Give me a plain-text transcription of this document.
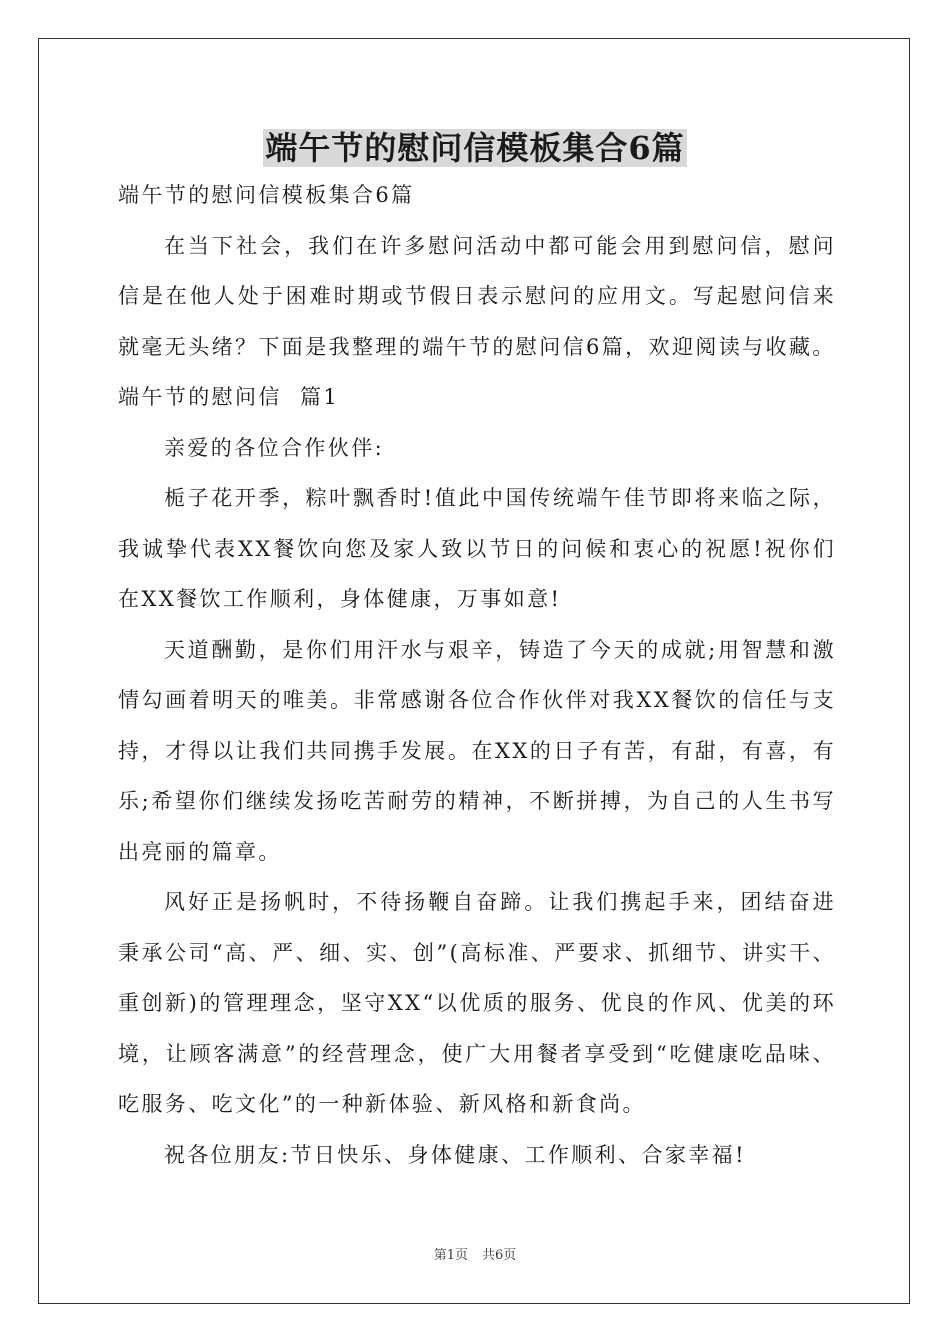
端午节的慰问信模板集合6篇

端午节的慰问信模板集合6篇

在当下社会，我们在许多慰问活动中都可能会用到慰问信，慰问信是在他人处于困难时期或节假日表示慰问的应用文。写起慰问信来就毫无头绪？下面是我整理的端午节的慰问信6篇，欢迎阅读与收藏。

端午节的慰问信  篇1

亲爱的各位合作伙伴:

栀子花开季，粽叶飘香时!值此中国传统端午佳节即将来临之际，我诚挚代表XX餐饮向您及家人致以节日的问候和衷心的祝愿!祝你们在XX餐饮工作顺利，身体健康，万事如意!

天道酬勤，是你们用汗水与艰辛，铸造了今天的成就;用智慧和激情勾画着明天的唯美。非常感谢各位合作伙伴对我XX餐饮的信任与支持，才得以让我们共同携手发展。在XX的日子有苦，有甜，有喜，有乐;希望你们继续发扬吃苦耐劳的精神，不断拼搏，为自己的人生书写出亮丽的篇章。

风好正是扬帆时，不待扬鞭自奋蹄。让我们携起手来，团结奋进秉承公司“高、严、细、实、创”(高标准、严要求、抓细节、讲实干、重创新)的管理理念，坚守XX“以优质的服务、优良的作风、优美的环境，让顾客满意”的经营理念，使广大用餐者享受到“吃健康吃品味、吃服务、吃文化”的一种新体验、新风格和新食尚。

祝各位朋友:节日快乐、身体健康、工作顺利、合家幸福!

第1页 共6页
